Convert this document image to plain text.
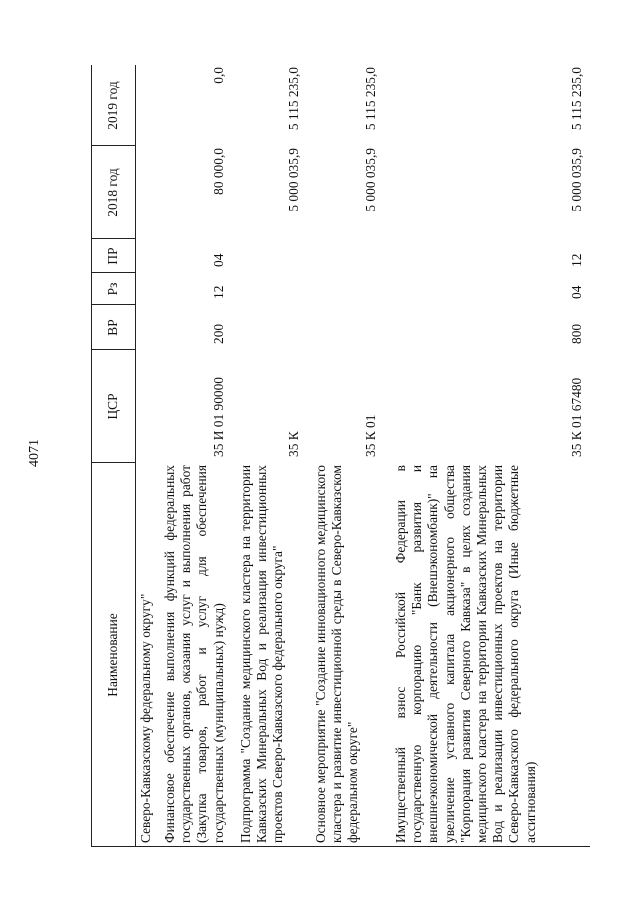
4071
Наименование
ЦСР
ВР
Рз
ПР
2018 год
2019 год
Северо-Кавказскому федеральному округу" Финансовое обеспечение выполнения функций федеральных государственных органов, оказания услуг и выполнения работ (Закупка товаров, работ и услуг для обеспечения государственных (муниципальных) нужд)
35 И 01 90000
200
12
04
80 000,0
0,0
Подпрограмма "Создание медицинского кластера на территории Кавказских Минеральных Вод и реализация инвестиционных проектов Северо-Кавказского федерального округа"
35 К
5 000 035,9
5 115 235,0
Основное мероприятие "Создание инновационного медицинского кластера и развитие инвестиционной среды в Северо-Кавказском федеральном округе"
35 К 01
5 000 035,9
5 115 235,0
Имущественный взнос Российской Федерации в государственную корпорацию "Банк развития и внешнеэкономической деятельности (Внешэкономбанк)" на увеличение уставного капитала акционерного общества "Корпорация развития Северного Кавказа" в целях создания медицинского кластера на территории Кавказских Минеральных Вод и реализации инвестиционных проектов на территории Северо-Кавказского федерального округа (Иные бюджетные ассигнования)
35 К 01 67480
800
04
12
5 000 035,9
5 115 235,0
